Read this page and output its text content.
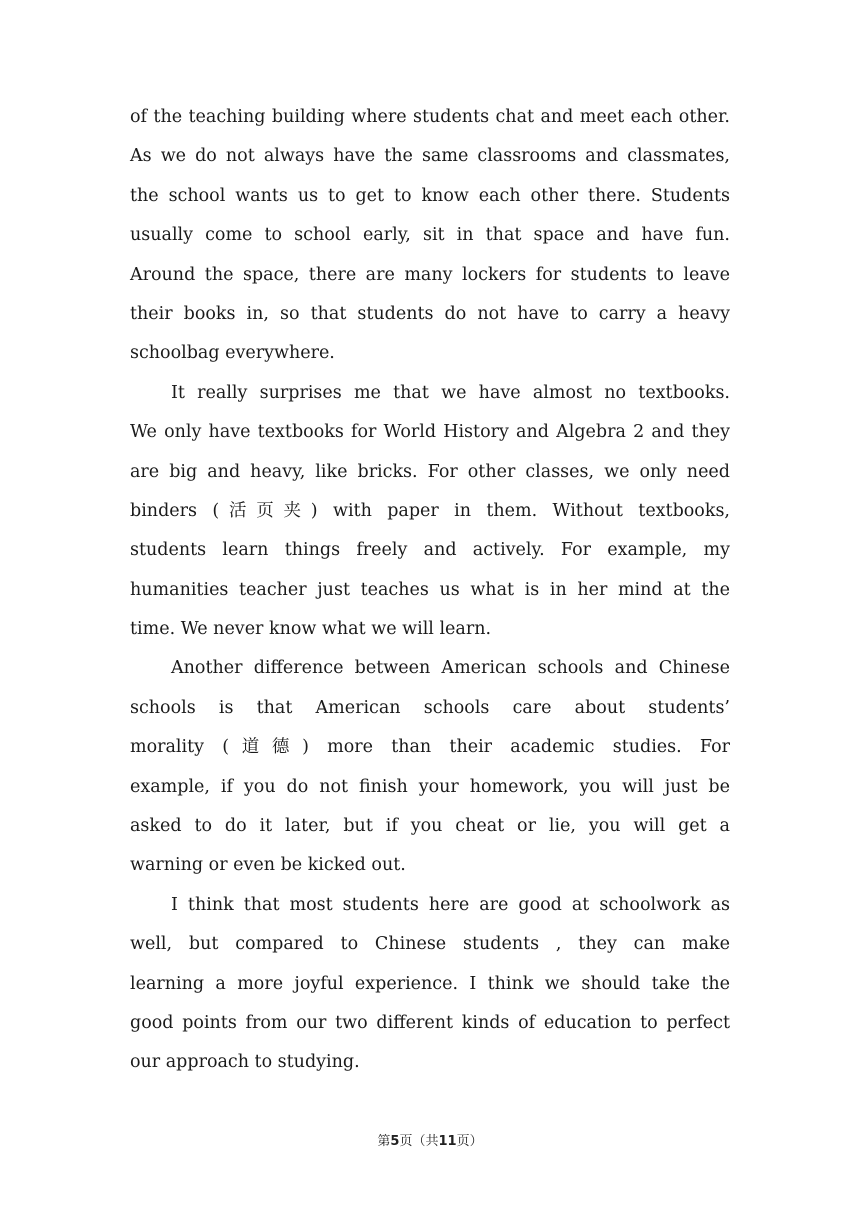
of the teaching building where students chat and meet each other.
As we do not always have the same classrooms and classmates,
the school wants us to get to know each other there. Students
usually come to school early, sit in that space and have fun.
Around the space, there are many lockers for students to leave
their books in, so that students do not have to carry a heavy
schoolbag everywhere.
It really surprises me that we have almost no textbooks.
We only have textbooks for World History and Algebra 2 and they
are big and heavy, like bricks. For other classes, we only need
binders (活页夹) with paper in them. Without textbooks,
students learn things freely and actively. For example, my
humanities teacher just teaches us what is in her mind at the
time. We never know what we will learn.
Another difference between American schools and Chinese
schools is that American schools care about students’
morality (道德) more than their academic studies. For
example, if you do not finish your homework, you will just be
asked to do it later, but if you cheat or lie, you will get a
warning or even be kicked out.
I think that most students here are good at schoolwork as
well, but compared to Chinese students , they can make
learning a more joyful experience. I think we should take the
good points from our two different kinds of education to perfect
our approach to studying.
第5页（共11页）
